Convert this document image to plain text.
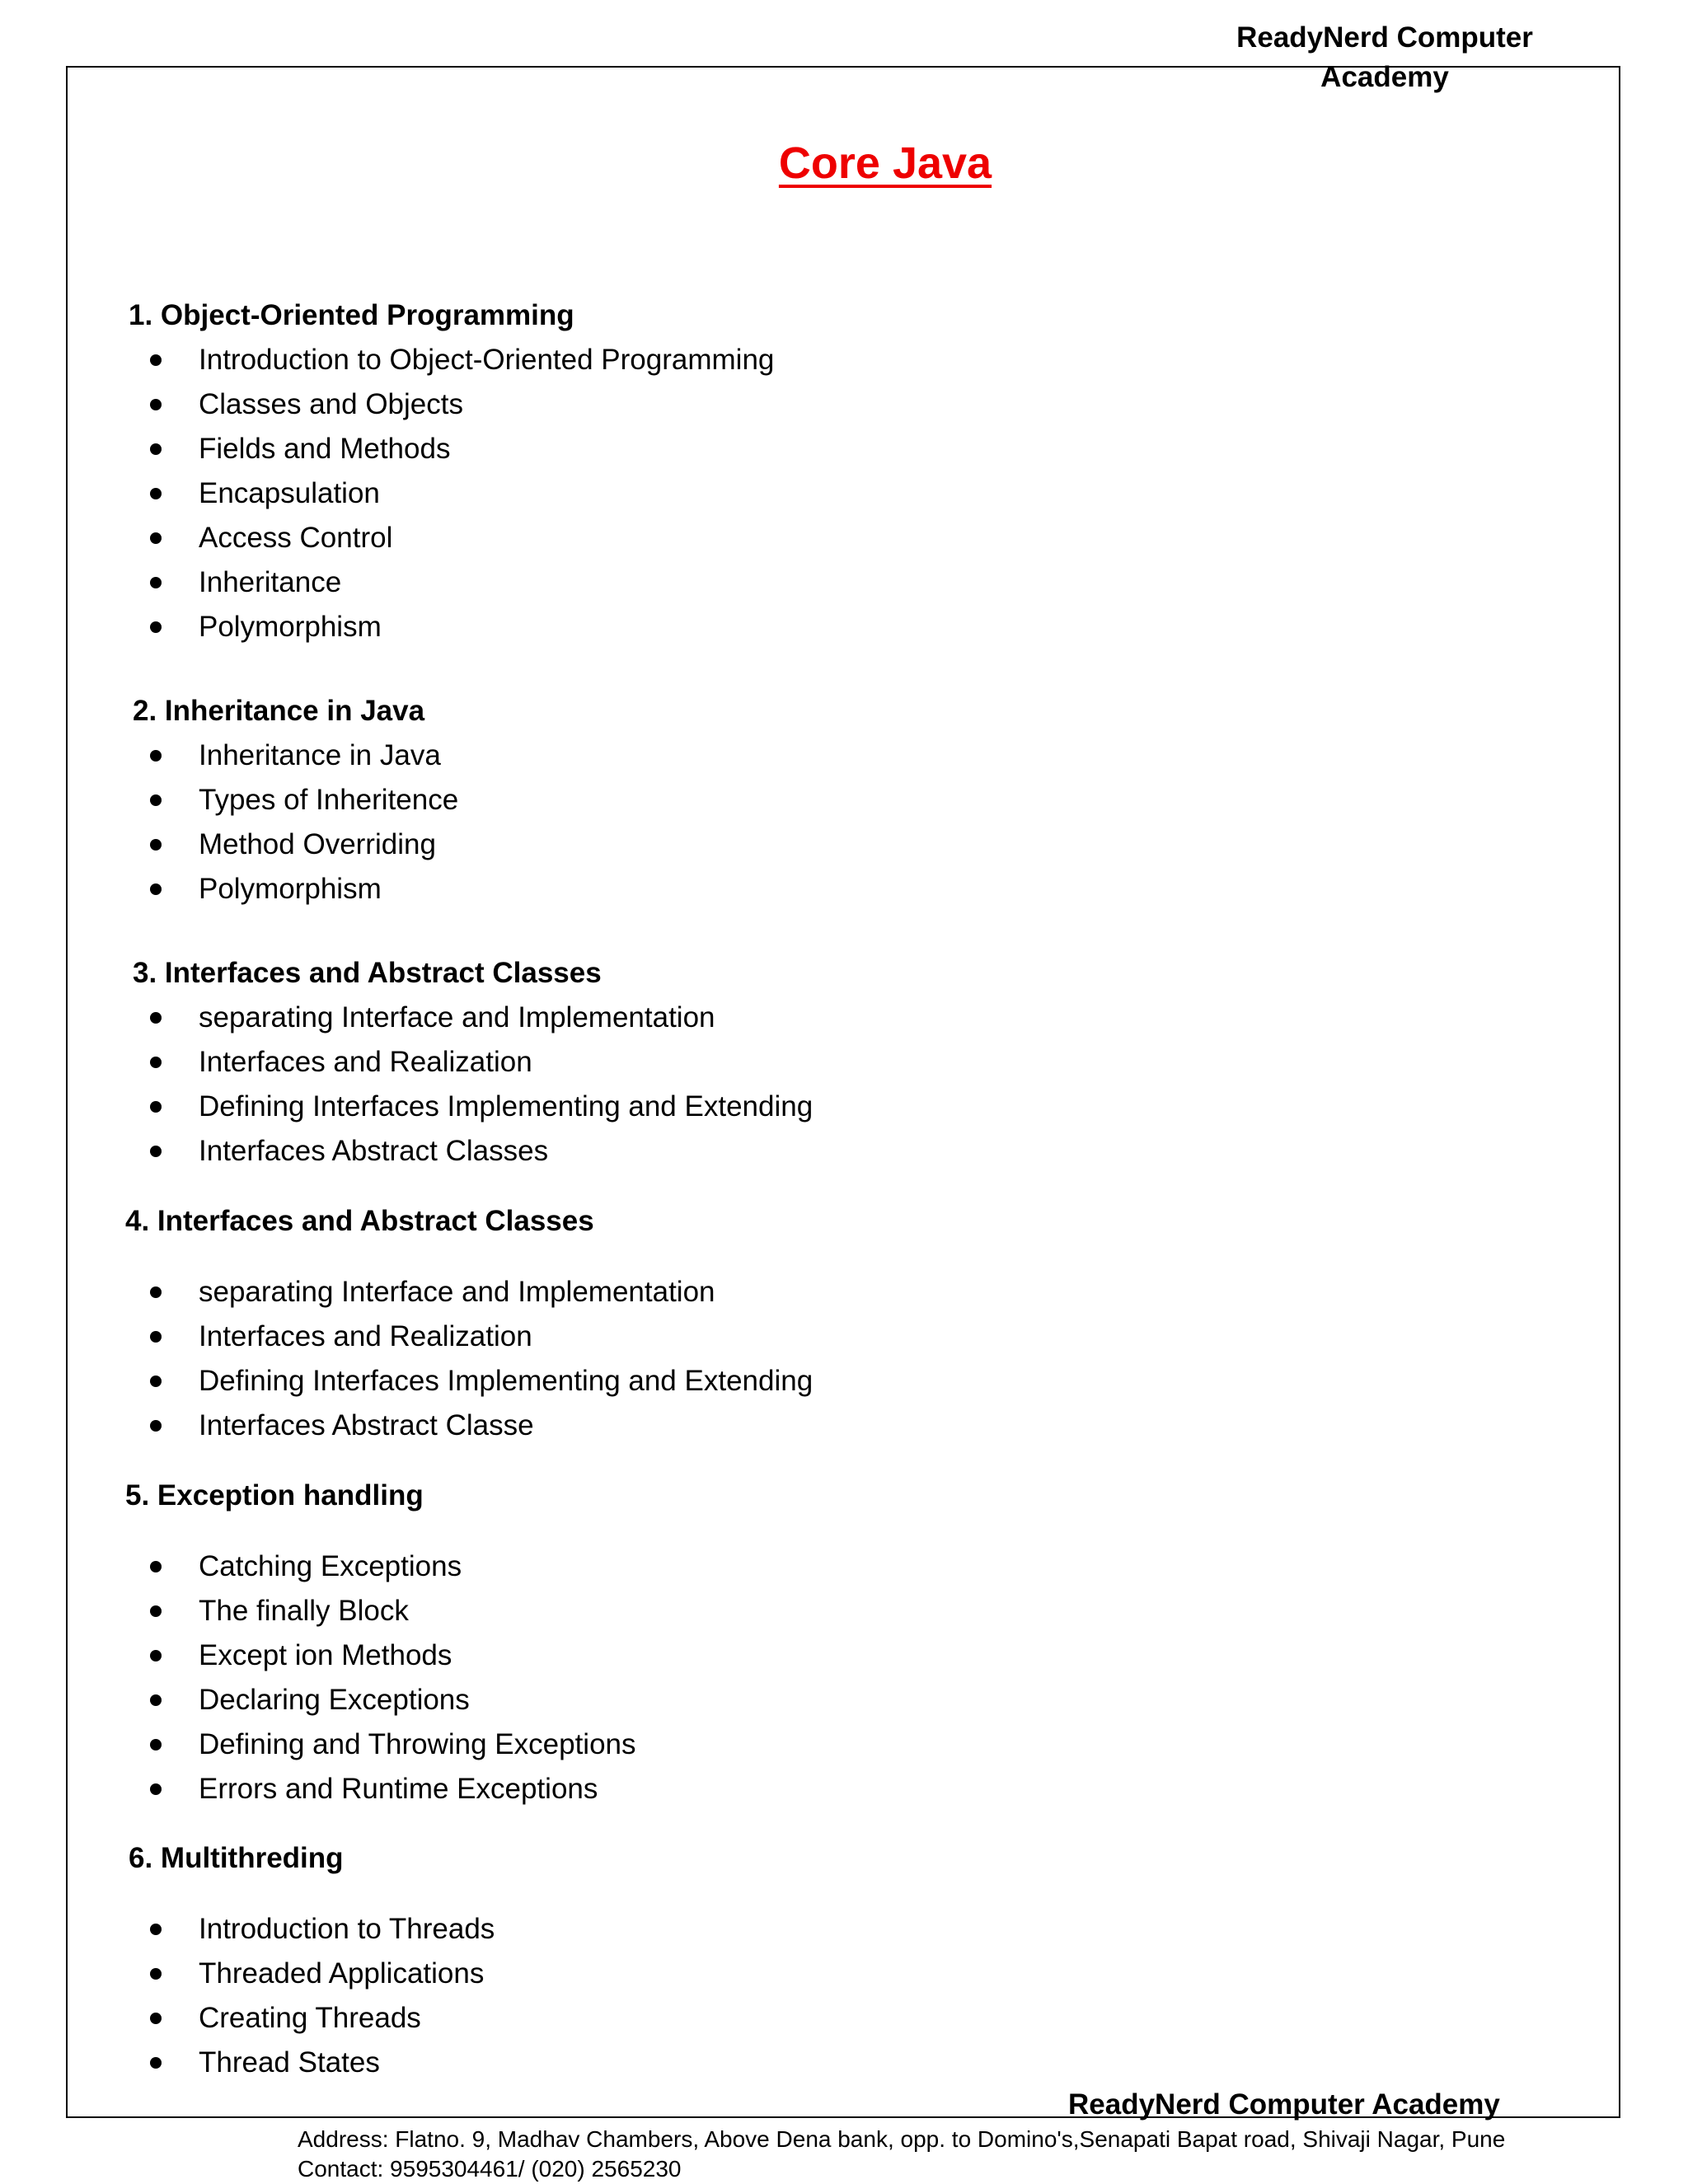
ReadyNerd Computer Academy
Core Java
1. Object-Oriented Programming
Introduction to Object-Oriented Programming
Classes and Objects
Fields and Methods
Encapsulation
Access Control
Inheritance
Polymorphism
2. Inheritance in Java
Inheritance in Java
Types of Inheritence
Method Overriding
Polymorphism
3. Interfaces and Abstract Classes
separating Interface and Implementation
Interfaces and Realization
Defining Interfaces Implementing and Extending
Interfaces Abstract Classes
4. Interfaces and Abstract Classes
separating Interface and Implementation
Interfaces and Realization
Defining Interfaces Implementing and Extending
Interfaces Abstract Classe
5. Exception handling
Catching Exceptions
The finally Block
Except ion Methods
Declaring Exceptions
Defining and Throwing Exceptions
Errors and Runtime Exceptions
6. Multithreding
Introduction to Threads
Threaded Applications
Creating Threads
Thread States
ReadyNerd Computer Academy
Address: Flatno. 9, Madhav Chambers, Above Dena bank, opp. to Domino's,Senapati Bapat road, Shivaji Nagar, Pune
Contact: 9595304461/ (020) 2565230
